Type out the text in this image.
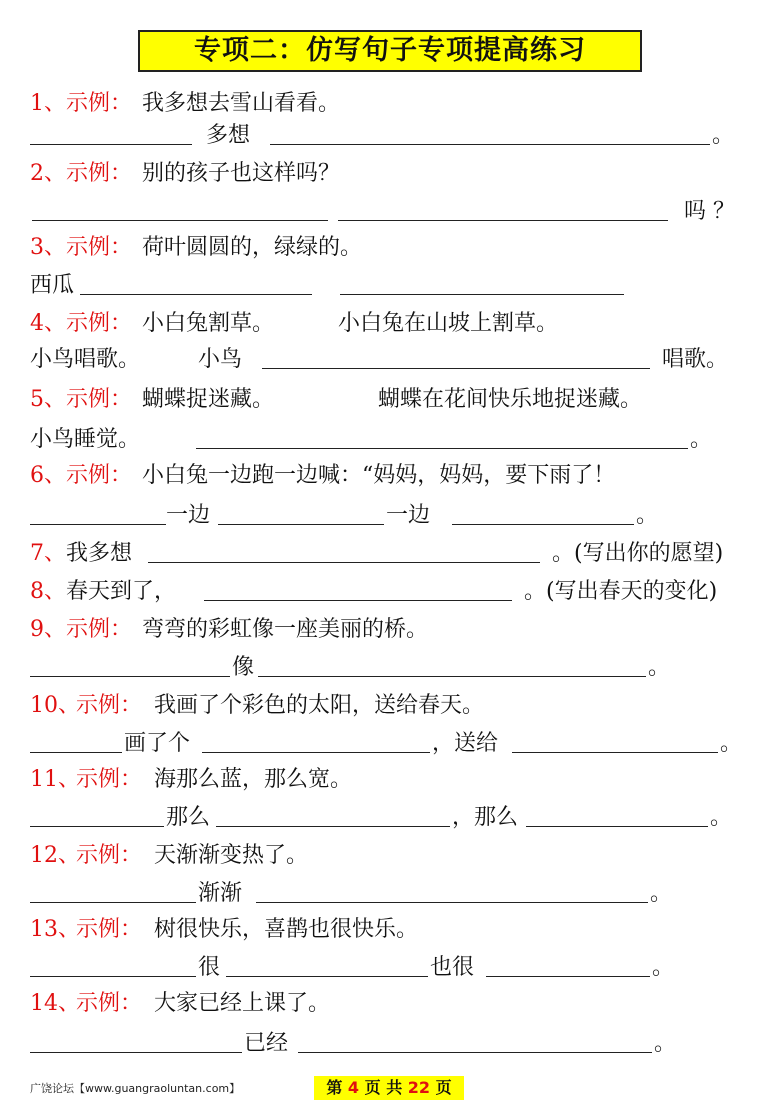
专项二：仿写句子专项提高练习
1、 示例： 我多想去雪山看看。
多想	。
2、 示例： 别的孩子也这样吗？
吗 ？
3、 示例： 荷叶圆圆的，绿绿的。
西瓜
4、 示例： 小白兔割草。	小白兔在山坡上割草。
小鸟唱歌。	小鸟	唱歌。
5、 示例： 蝴蝶捉迷藏。	蝴蝶在花间快乐地捉迷藏。
小鸟睡觉。	。
6、 示例： 小白兔一边跑一边喊：“妈妈，妈妈，要下雨了！
一边	一边	。
7、 我多想	。(写出你的愿望)
8、 春天到了，	。(写出春天的变化)
9、 示例： 弯弯的彩虹像一座美丽的桥。
像	。
10、
示例： 我画了个彩色的太阳，送给春天。
画了个	，送给	。
11、
示例： 海那么蓝，那么宽。
那么	，那么	。
12、
示例： 天渐渐变热了。
渐渐	。
13、
示例： 树很快乐，喜鹊也很快乐。
很	也很	。
14、
示例： 大家已经上课了。
已经	。
广饶论坛【www.guangraoluntan.com】	第 4 页 共 22 页
